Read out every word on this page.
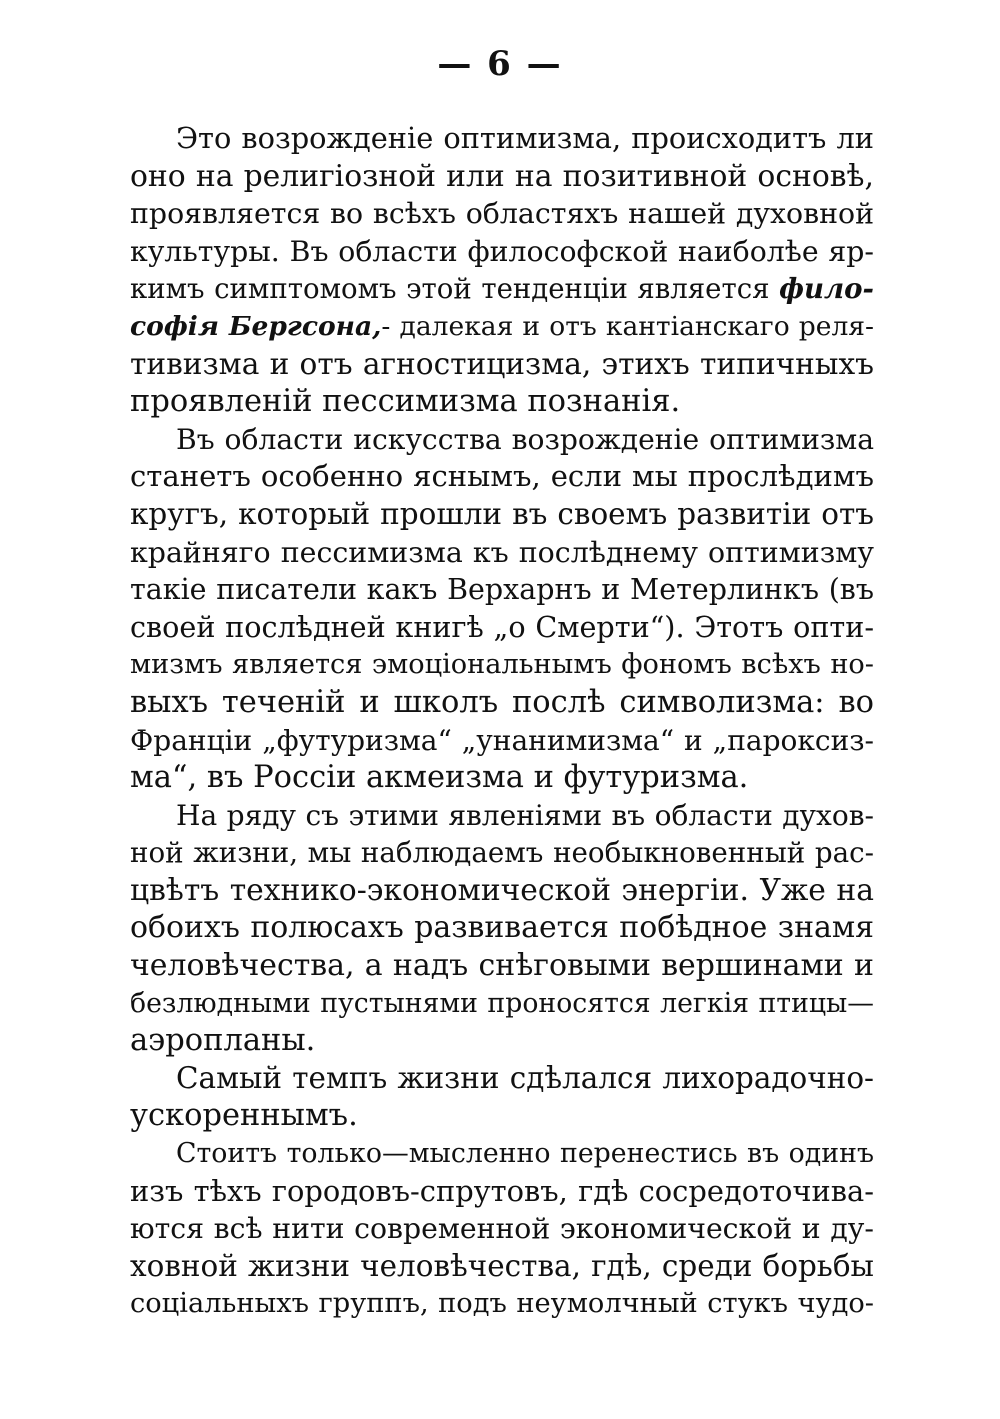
— 6 —
Это возрожденіе оптимизма, происходитъ ли
оно на религіозной или на позитивной основѣ,
проявляется во всѣхъ областяхъ нашей духовной
культуры. Въ области философской наиболѣе яр-
кимъ симптомомъ этой тенденціи является фило-
софія Бергсона,- далекая и отъ кантіанскаго реля-
тивизма и отъ агностицизма, этихъ типичныхъ
проявленій пессимизма познанія.
Въ области искусства возрожденіе оптимизма
станетъ особенно яснымъ, если мы прослѣдимъ
кругъ, который прошли въ своемъ развитіи отъ
крайняго пессимизма къ послѣднему оптимизму
такіе писатели какъ Верхарнъ и Метерлинкъ (въ
своей послѣдней книгѣ „о Смерти“). Этотъ опти-
мизмъ является эмоціональнымъ фономъ всѣхъ но-
выхъ теченій и школъ послѣ символизма: во
Франціи „футуризма“ „унанимизма“ и „пароксиз-
ма“, въ Россіи акмеизма и футуризма.
На ряду съ этими явленіями въ области духов-
ной жизни, мы наблюдаемъ необыкновенный рас-
цвѣтъ технико-экономической энергіи. Уже на
обоихъ полюсахъ развивается побѣдное знамя
человѣчества, а надъ снѣговыми вершинами и
безлюдными пустынями проносятся легкія птицы—
аэропланы.
Самый темпъ жизни сдѣлался лихорадочно-
ускореннымъ.
Стоитъ только—мысленно перенестись въ одинъ
изъ тѣхъ городовъ-спрутовъ, гдѣ сосредоточива-
ются всѣ нити современной экономической и ду-
ховной жизни человѣчества, гдѣ, среди борьбы
соціальныхъ группъ, подъ неумолчный стукъ чудо-
